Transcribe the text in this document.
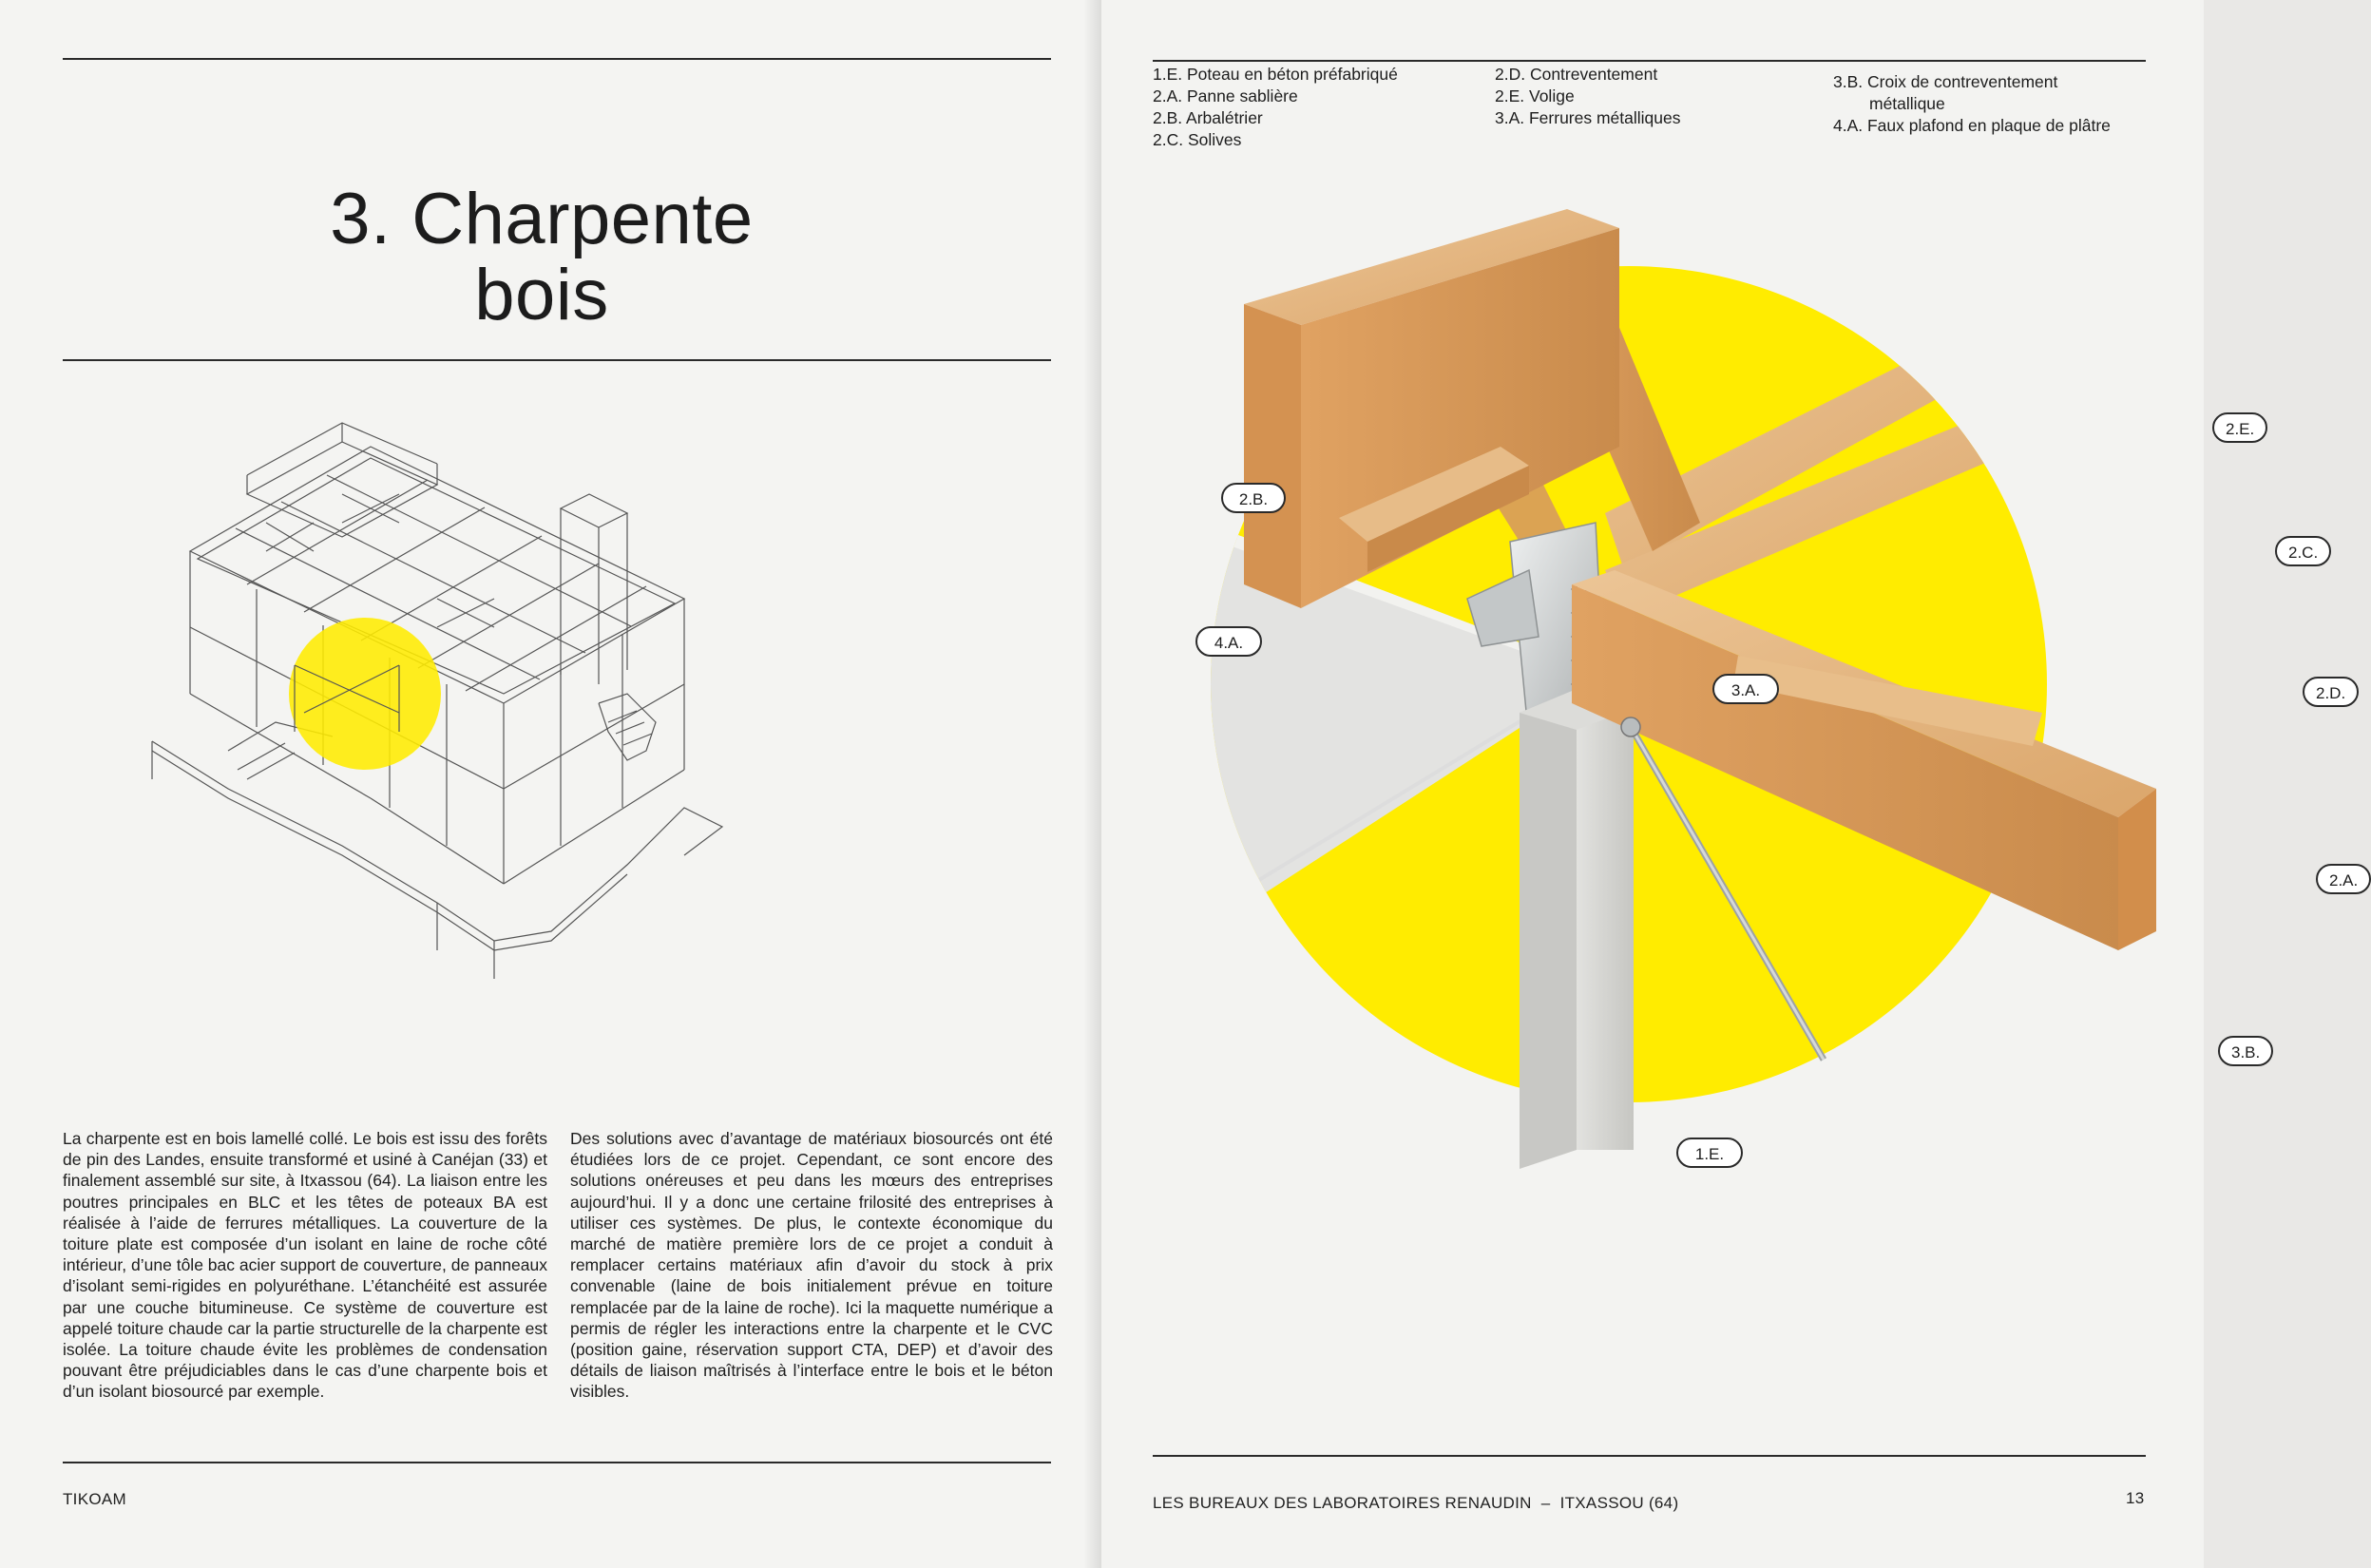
3. Charpente
bois
La charpente est en bois lamellé collé. Le bois est issu des forêts de pin des Landes, ensuite transformé et usiné à Canéjan (33) et finalement assemblé sur site, à Itxassou (64). La liaison entre les poutres principales en BLC et les têtes de poteaux BA est réalisée à l’aide de ferrures métalliques. La couverture de la toiture plate est composée d’un isolant en laine de roche côté intérieur, d’une tôle bac acier support de couverture, de panneaux d’isolant semi-rigides en polyuréthane. L’étanchéité est assurée par une couche bitumineuse. Ce système de couverture est appelé toiture chaude car la partie structurelle de la charpente est isolée. La toiture chaude évite les problèmes de condensation pouvant être préjudiciables dans le cas d’une charpente bois et d’un isolant biosourcé par exemple.
Des solutions avec d’avantage de matériaux biosourcés ont été étudiées lors de ce projet. Cependant, ce sont encore des solutions onéreuses et peu dans les mœurs des entreprises aujourd’hui. Il y a donc une certaine frilosité des entreprises à utiliser ces systèmes. De plus, le contexte économique du marché de matière première lors de ce projet a conduit à remplacer certains matériaux afin d’avoir du stock à prix convenable (laine de bois initialement prévue en toiture remplacée par de la laine de roche). Ici la maquette numérique a permis de régler les interactions entre la charpente et le CVC (position gaine, réservation support CTA, DEP) et d’avoir des détails de liaison maîtrisés à l’interface entre le bois et le béton visibles.
TIKOAM
1.E. Poteau en béton préfabriqué
2.A. Panne sablière
2.B. Arbalétrier
2.C. Solives
2.D. Contreventement
2.E. Volige
3.A. Ferrures métalliques
3.B. Croix de contreventement
métallique
4.A. Faux plafond en plaque de plâtre
2.E.
2.B.
2.C.
4.A.
3.A.	2.D.
2.A.
3.B.
1.E.
LES BUREAUX DES LABORATOIRES RENAUDIN  –  ITXASSOU (64)	13
